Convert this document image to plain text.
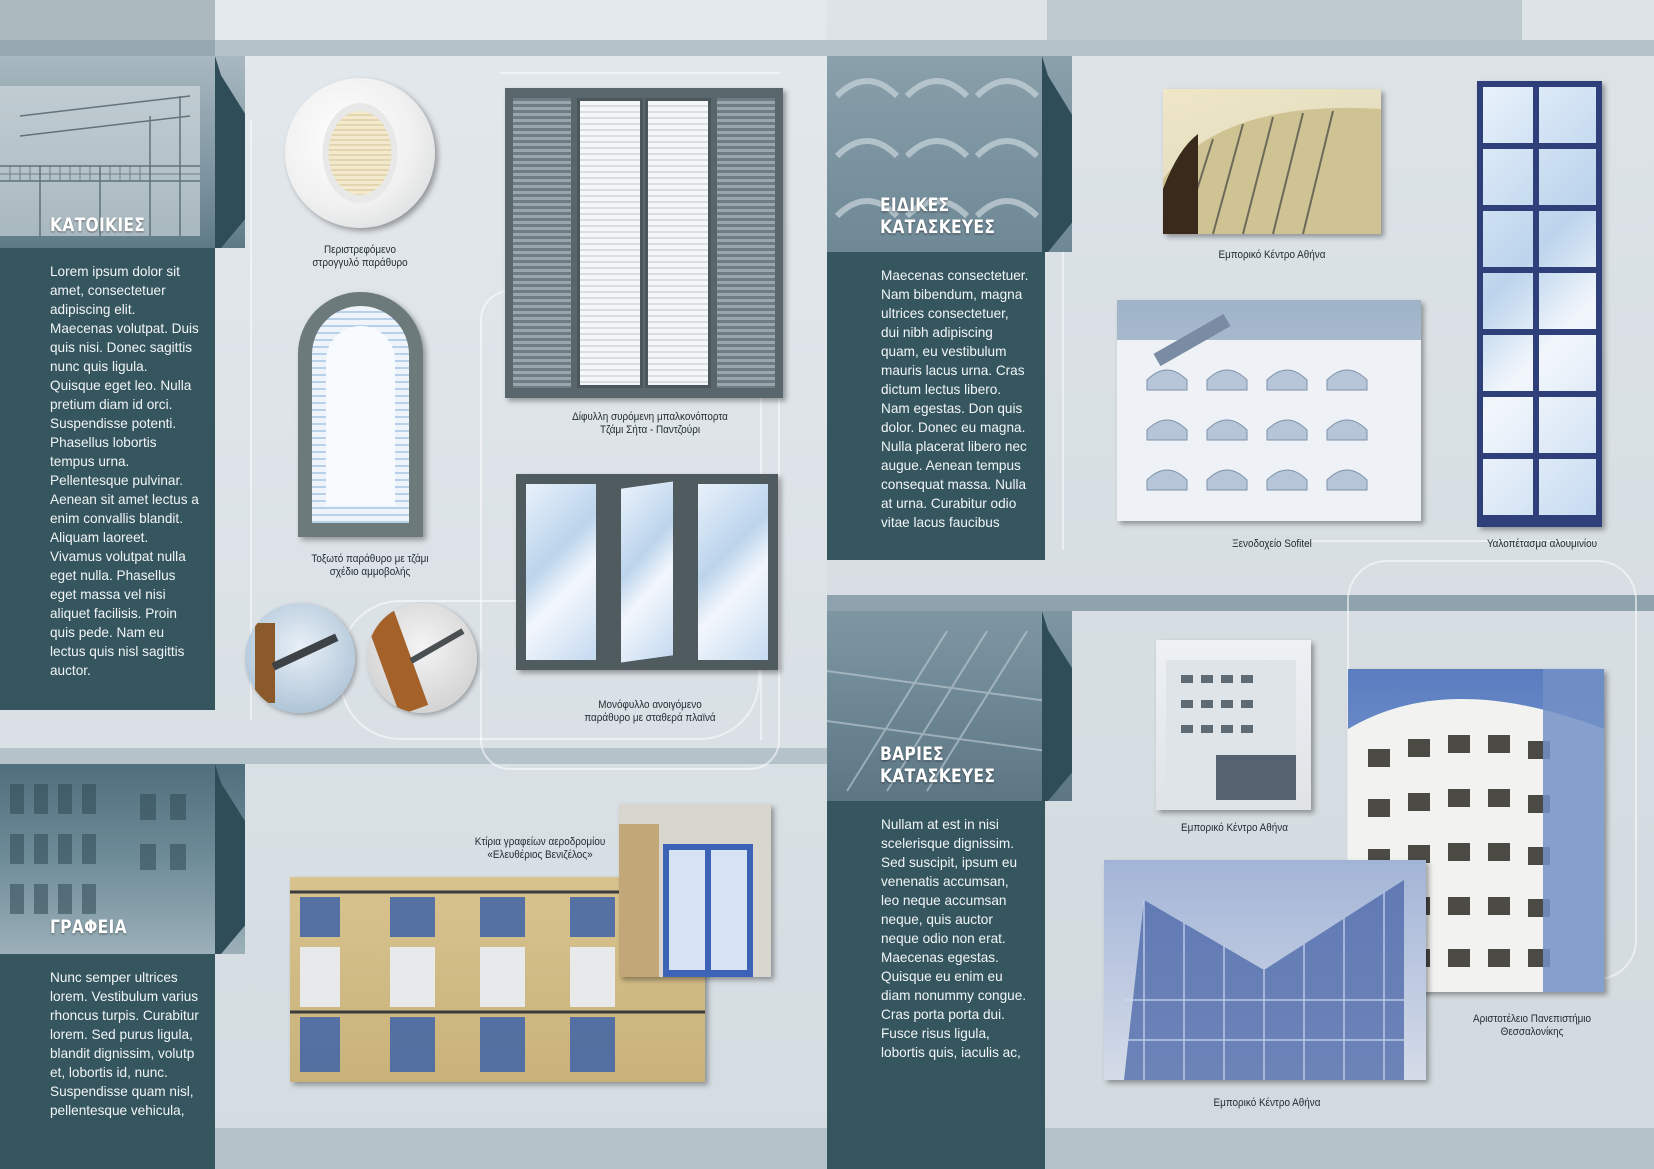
ΚΑΤΟΙΚΙΕΣ
Lorem ipsum dolor sit amet, consectetuer adipiscing elit. Maecenas volutpat. Duis quis nisi. Donec sagittis nunc quis ligula. Quisque eget leo. Nulla pretium diam id orci. Suspendisse potenti. Phasellus lobortis tempus urna. Pellentesque pulvinar. Aenean sit amet lectus a enim convallis blandit. Aliquam laoreet. Vivamus volutpat nulla eget nulla. Phasellus eget massa vel nisi aliquet facilisis. Proin quis pede. Nam eu lectus quis nisl sagittis auctor.
ΓΡΑΦΕΙΑ
Nunc semper ultrices lorem. Vestibulum varius rhoncus turpis. Curabitur lorem. Sed purus ligula, blandit dignissim, volutp et, lobortis id, nunc. Suspendisse quam nisl, pellentesque vehicula,
Περιστρεφόμενο
στρογγυλό παράθυρο
Τοξωτό παράθυρο με τζάμι
σχέδιο αμμοβολής
Δίφυλλη συρόμενη μπαλκονόπορτα
Τζάμι Σήτα - Παντζούρι
Μονόφυλλο ανοιγόμενο
παράθυρο με σταθερά πλαϊνά
Κτίρια γραφείων αεροδρομίου
«Ελευθέριος Βενιζέλος»
ΕΙΔΙΚΕΣ
ΚΑΤΑΣΚΕΥΕΣ
Maecenas consectetuer. Nam bibendum, magna ultrices consectetuer, dui nibh adipiscing quam, eu vestibulum mauris lacus urna. Cras dictum lectus libero. Nam egestas. Don quis dolor. Donec eu magna. Nulla placerat libero nec augue. Aenean tempus consequat massa. Nulla at urna. Curabitur odio vitae lacus faucibus
ΒΑΡΙΕΣ
ΚΑΤΑΣΚΕΥΕΣ
Nullam at est in nisi scelerisque dignissim. Sed suscipit, ipsum eu venenatis accumsan, leo neque accumsan neque, quis auctor neque odio non erat. Maecenas egestas. Quisque eu enim eu diam nonummy congue. Cras porta porta dui. Fusce risus ligula, lobortis quis, iaculis ac,
Εμπορικό Κέντρο Αθήνα
Ξενοδοχείο Sofitel	Υαλοπέτασμα αλουμινίου
Εμπορικό Κέντρο Αθήνα
Αριστοτέλειο Πανεπιστήμιο
Θεσσαλονίκης
Εμπορικό Κέντρο Αθήνα
